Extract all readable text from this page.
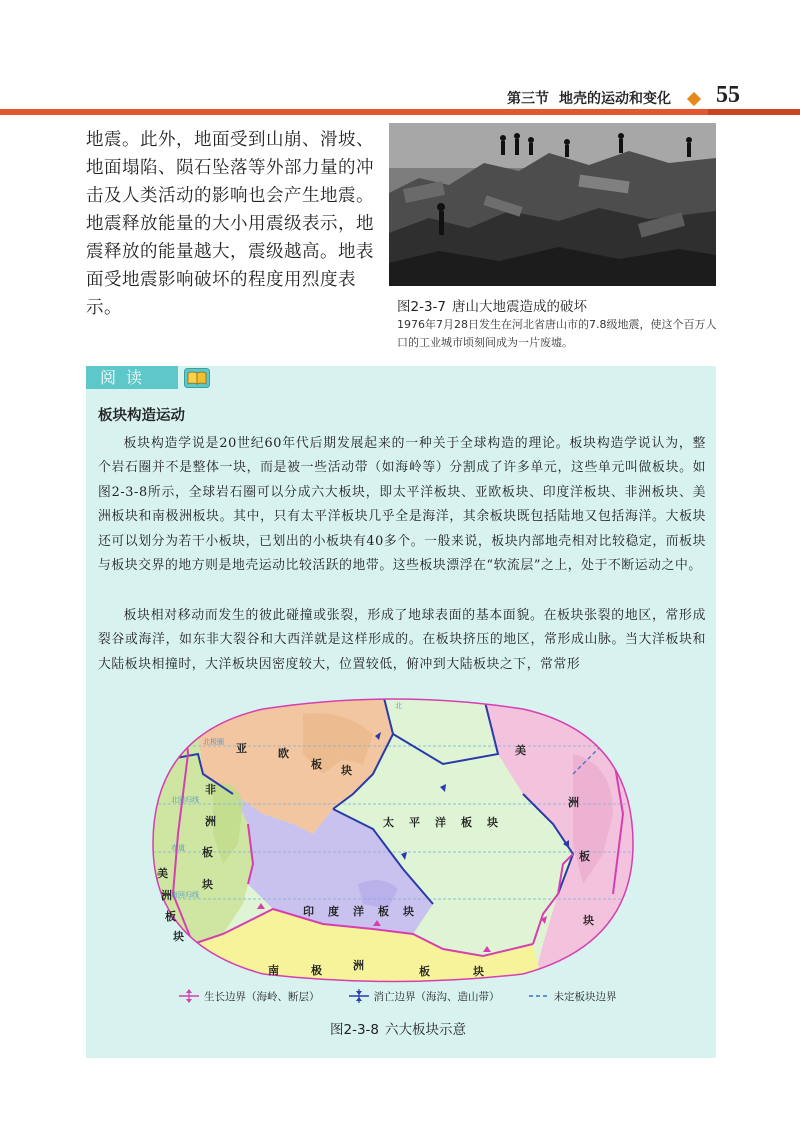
第三节 地壳的运动和变化	55
地震。此外，地面受到山崩、滑坡、地面塌陷、陨石坠落等外部力量的冲击及人类活动的影响也会产生地震。地震释放能量的大小用震级表示，地震释放的能量越大，震级越高。地表面受地震影响破坏的程度用烈度表示。	图2-3-7 唐山大地震造成的破坏
1976年7月28日发生在河北省唐山市的7.8级地震，使这个百万人口的工业城市顷刻间成为一片废墟。
阅读
板块构造运动
板块构造学说是20世纪60年代后期发展起来的一种关于全球构造的理论。板块构造学说认为，整个岩石圈并不是整体一块，而是被一些活动带（如海岭等）分割成了许多单元，这些单元叫做板块。如图2-3-8所示，全球岩石圈可以分成六大板块，即太平洋板块、亚欧板块、印度洋板块、非洲板块、美洲板块和南极洲板块。其中，只有太平洋板块几乎全是海洋，其余板块既包括陆地又包括海洋。大板块还可以划分为若干小板块，已划出的小板块有40多个。一般来说，板块内部地壳相对比较稳定，而板块与板块交界的地方则是地壳运动比较活跃的地带。这些板块漂浮在“软流层”之上，处于不断运动之中。
板块相对移动而发生的彼此碰撞或张裂，形成了地球表面的基本面貌。在板块张裂的地区，常形成裂谷或海洋，如东非大裂谷和大西洋就是这样形成的。在板块挤压的地区，常形成山脉。当大洋板块和大陆板块相撞时，大洋板块因密度较大，位置较低，俯冲到大陆板块之下，常常形
北
北极圈
北回归线
赤道
南回归线
亚	欧
板 块
非
洲
板
块
美
洲
板
块
太 平 洋 板 块
印 度 洋 板 块
南	极	洲	板	块
美
洲
板
块
生长边界（海岭、断层）	消亡边界（海沟、造山带）	未定板块边界
图2-3-8 六大板块示意
